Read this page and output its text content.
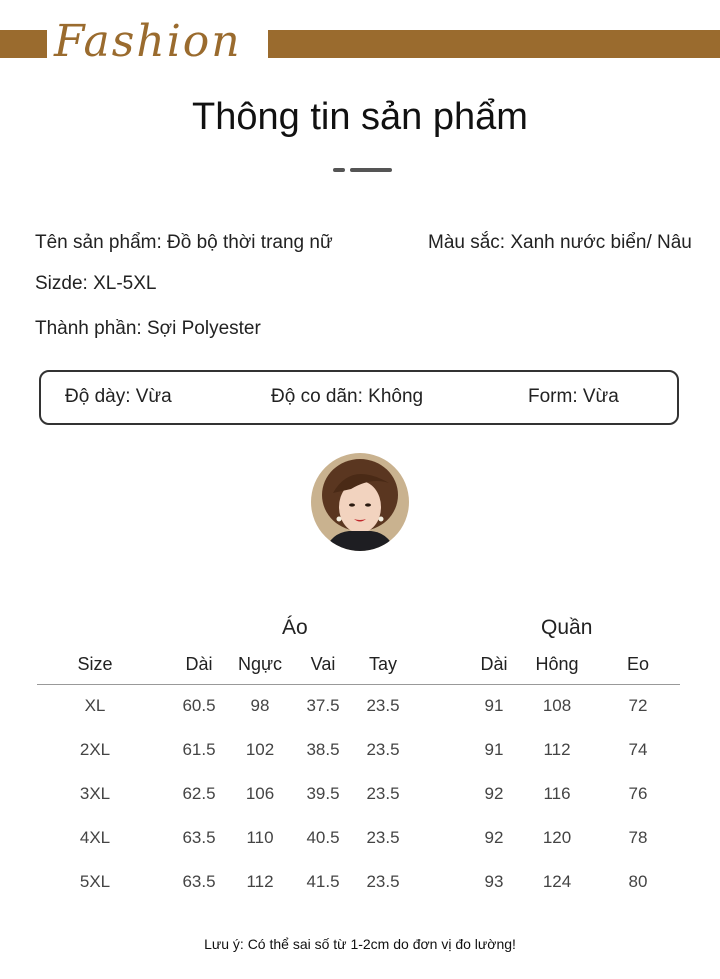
Fashion
Thông tin sản phẩm
Tên sản phẩm: Đồ bộ thời trang nữ	Màu sắc: Xanh nước biển/ Nâu
Sizde: XL-5XL
Thành phần: Sợi Polyester
Độ dày: Vừa	Độ co dãn: Không	Form: Vừa
Áo	Quần
Size	Dài	Ngực	Vai	Tay	Dài	Hông	Eo
XL	60.5	98	37.5	23.5	91	108	72
2XL	61.5	102	38.5	23.5	91	112	74
3XL	62.5	106	39.5	23.5	92	116	76
4XL	63.5	110	40.5	23.5	92	120	78
5XL	63.5	112	41.5	23.5	93	124	80
Lưu ý: Có thể sai số từ 1-2cm do đơn vị đo lường!
